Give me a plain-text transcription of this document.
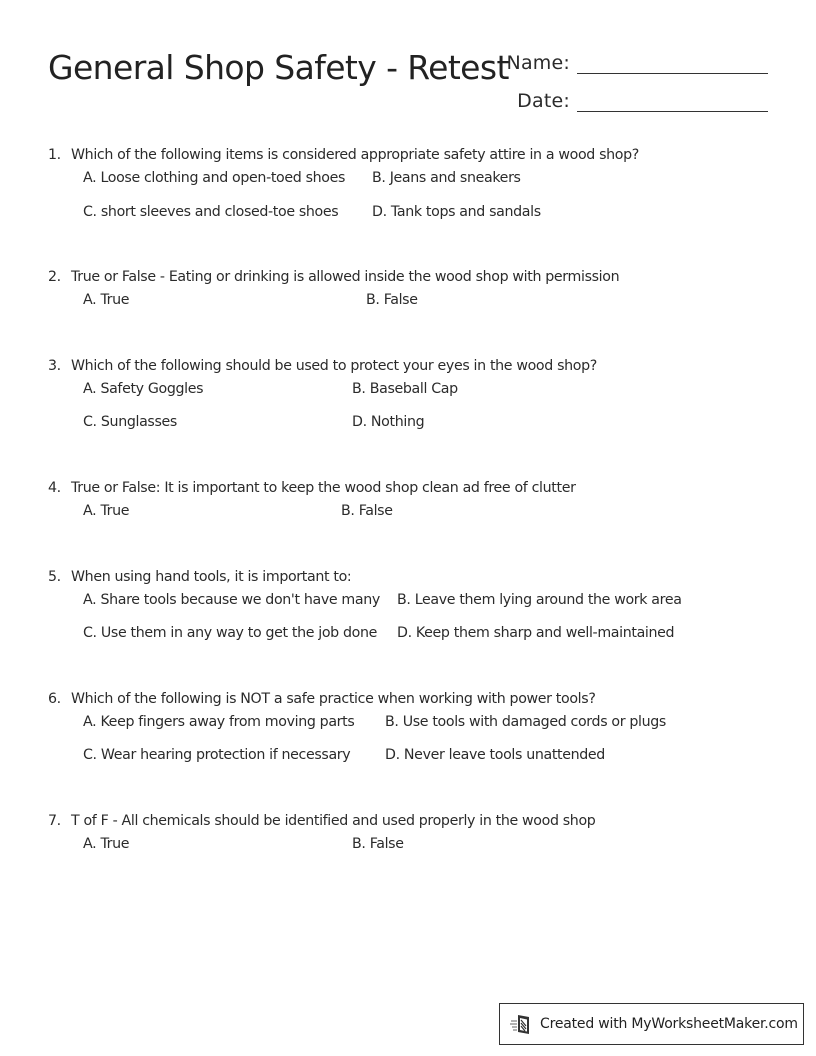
General Shop Safety - Retest
Name:
Date:
1. Which of the following items is considered appropriate safety attire in a wood shop?
A. Loose clothing and open-toed shoes B. Jeans and sneakers
C. short sleeves and closed-toe shoes D. Tank tops and sandals
2. True or False - Eating or drinking is allowed inside the wood shop with permission
A. True	B. False
3. Which of the following should be used to protect your eyes in the wood shop?
A. Safety Goggles	B. Baseball Cap
C. Sunglasses	D. Nothing
4. True or False: It is important to keep the wood shop clean ad free of clutter
A. True	B. False
5. When using hand tools, it is important to:
A. Share tools because we don't have many B. Leave them lying around the work area
C. Use them in any way to get the job done D. Keep them sharp and well-maintained
6. Which of the following is NOT a safe practice when working with power tools?
A. Keep fingers away from moving parts B. Use tools with damaged cords or plugs
C. Wear hearing protection if necessary D. Never leave tools unattended
7. T of F - All chemicals should be identified and used properly in the wood shop
A. True	B. False
Created with MyWorksheetMaker.com
